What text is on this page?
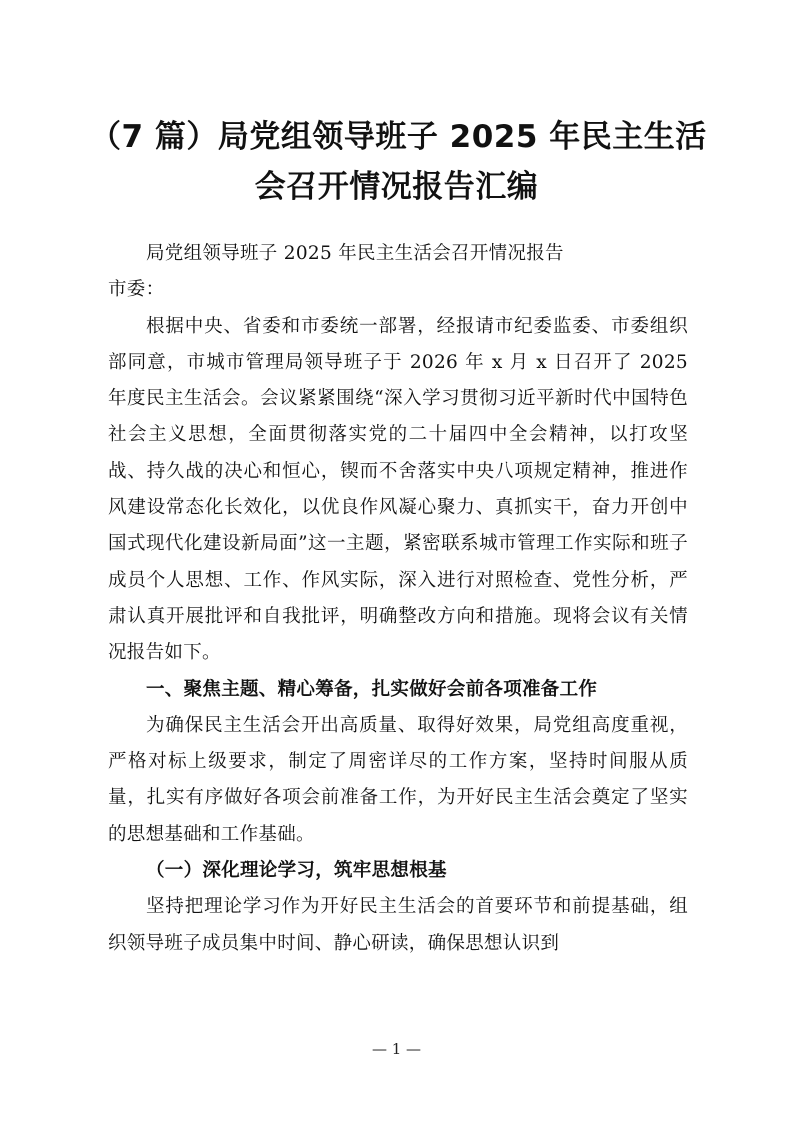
（7 篇）局党组领导班子 2025 年民主生活
会召开情况报告汇编

局党组领导班子 2025 年民主生活会召开情况报告

市委：

根据中央、省委和市委统一部署，经报请市纪委监委、市委组织部同意，市城市管理局领导班子于 2026 年 x 月 x 日召开了 2025 年度民主生活会。会议紧紧围绕“深入学习贯彻习近平新时代中国特色社会主义思想，全面贯彻落实党的二十届四中全会精神，以打攻坚战、持久战的决心和恒心，锲而不舍落实中央八项规定精神，推进作风建设常态化长效化，以优良作风凝心聚力、真抓实干，奋力开创中国式现代化建设新局面”这一主题，紧密联系城市管理工作实际和班子成员个人思想、工作、作风实际，深入进行对照检查、党性分析，严肃认真开展批评和自我批评，明确整改方向和措施。现将会议有关情况报告如下。

一、聚焦主题、精心筹备，扎实做好会前各项准备工作

为确保民主生活会开出高质量、取得好效果，局党组高度重视，严格对标上级要求，制定了周密详尽的工作方案，坚持时间服从质量，扎实有序做好各项会前准备工作，为开好民主生活会奠定了坚实的思想基础和工作基础。

（一）深化理论学习，筑牢思想根基

坚持把理论学习作为开好民主生活会的首要环节和前提基础，组织领导班子成员集中时间、静心研读，确保思想认识到

— 1 —
